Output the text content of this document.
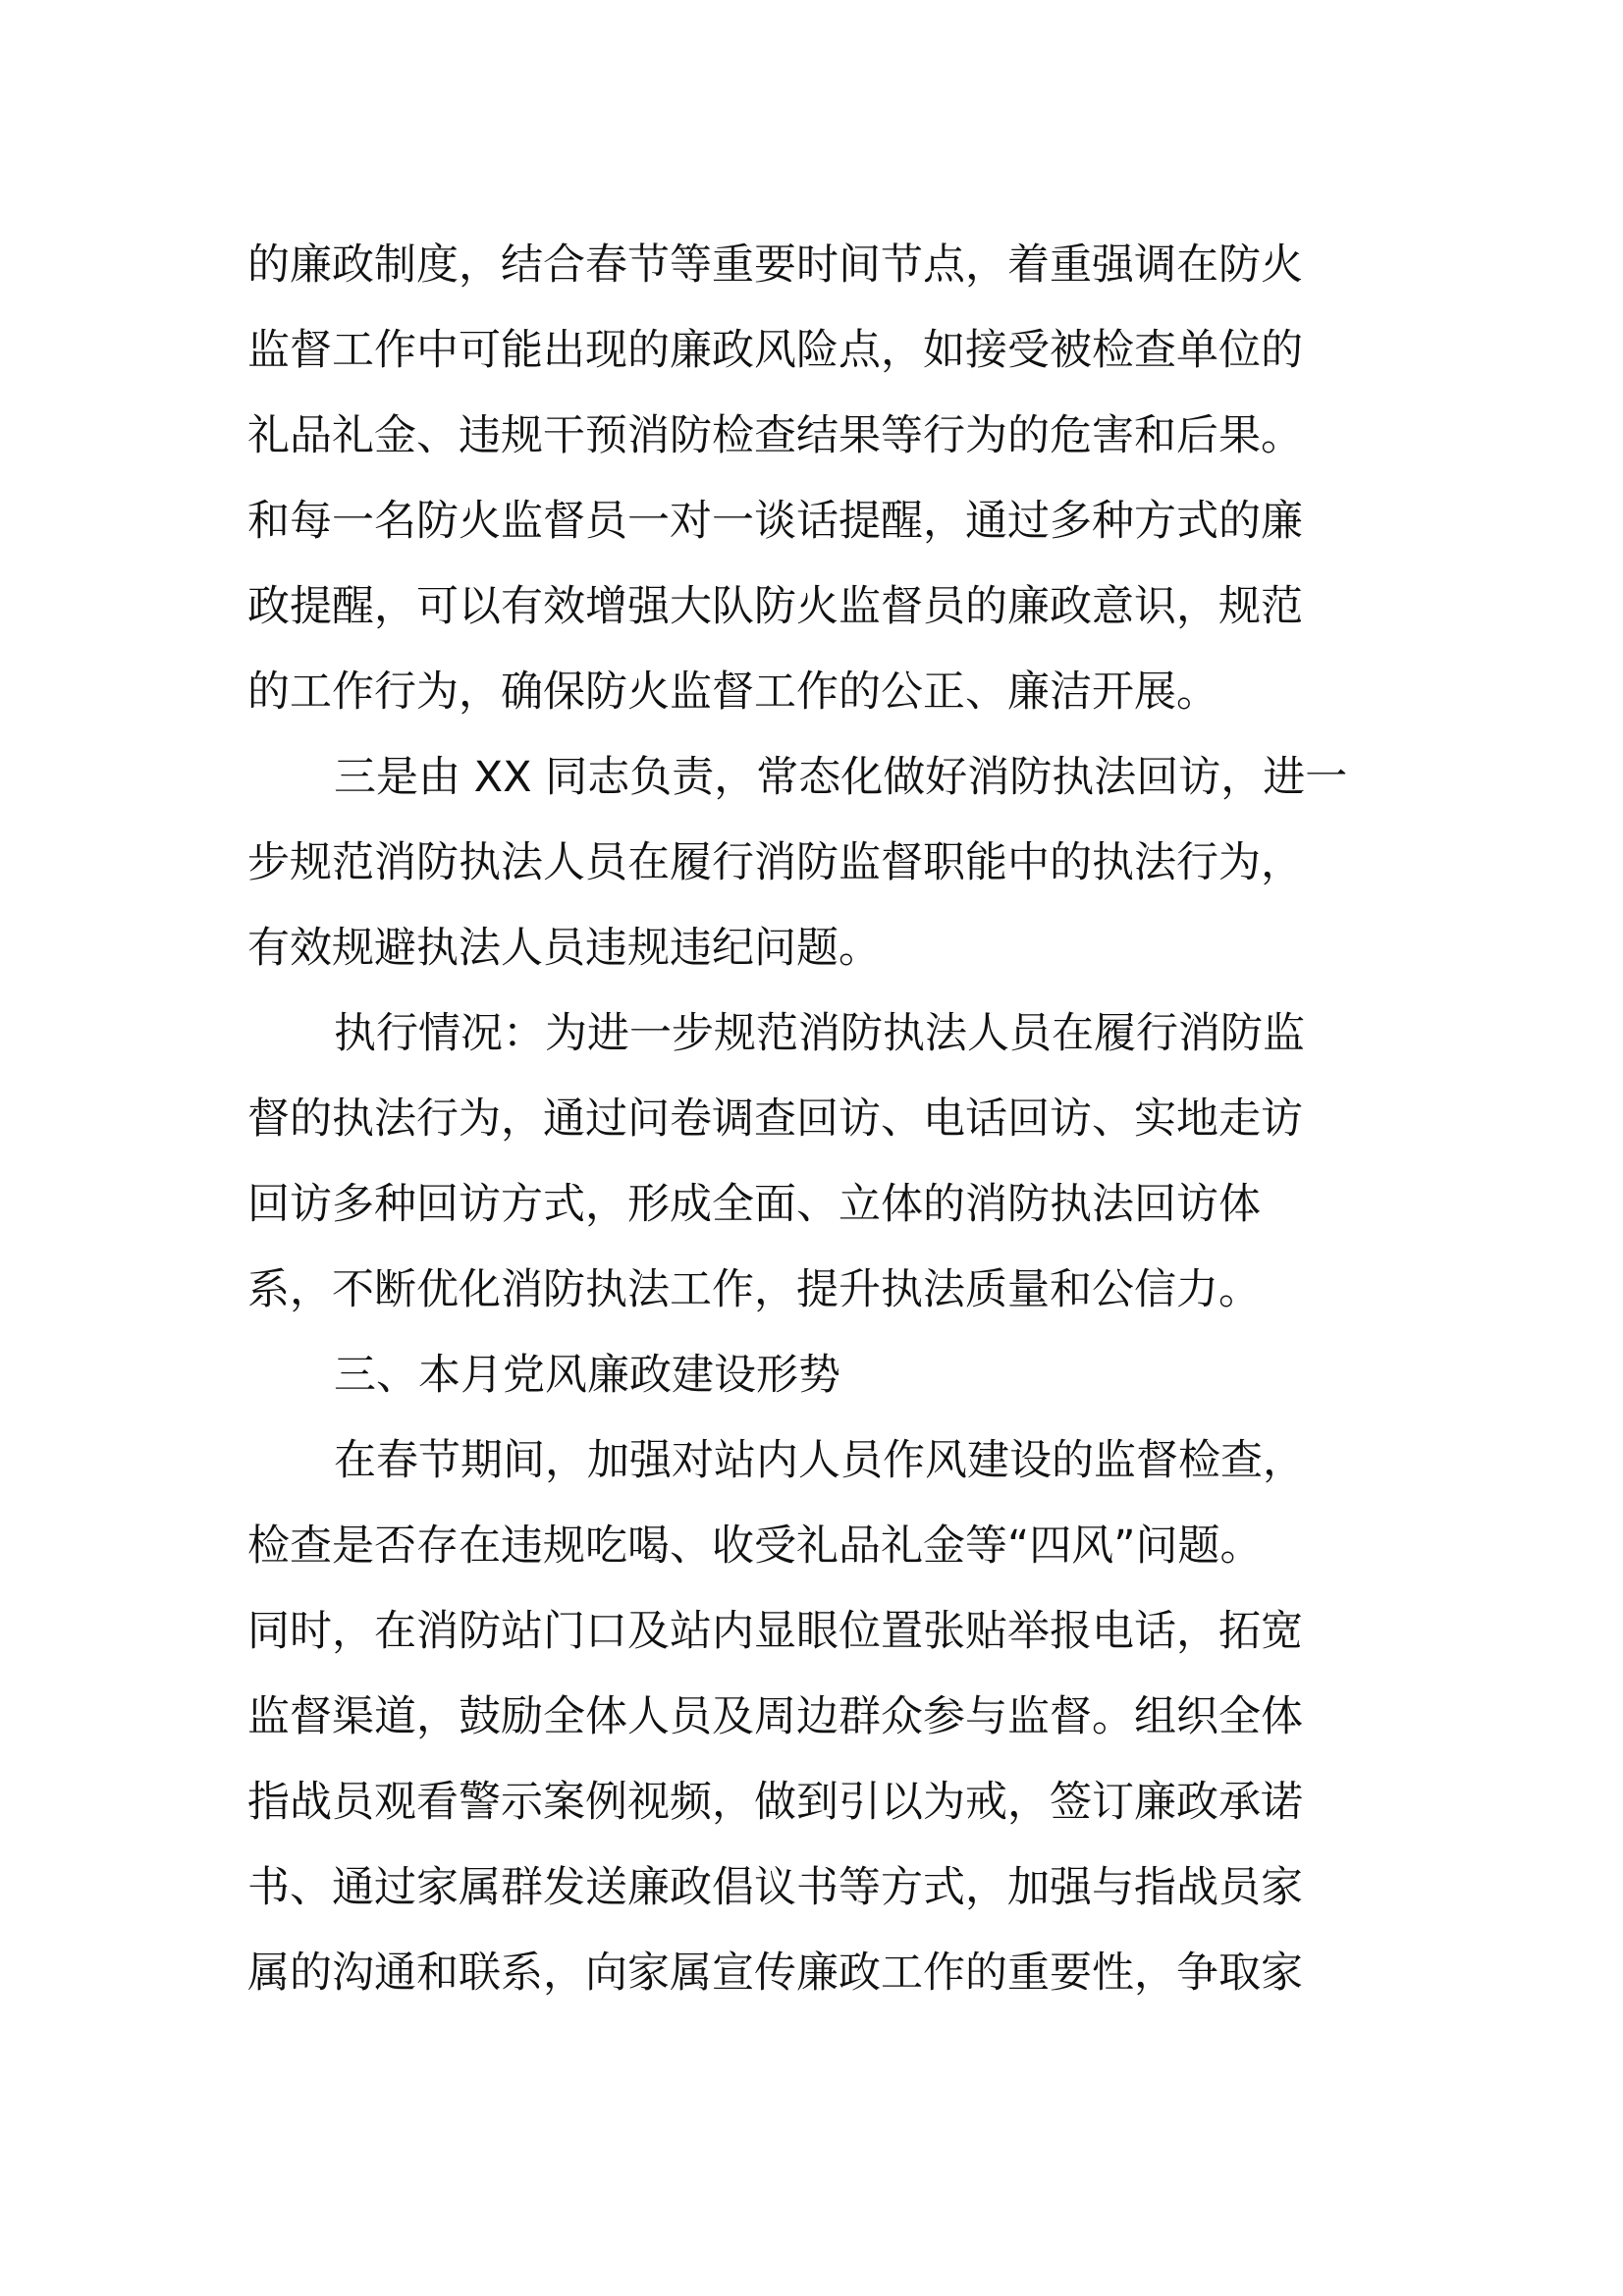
的廉政制度，结合春节等重要时间节点，着重强调在防火
监督工作中可能出现的廉政风险点，如接受被检查单位的
礼品礼金、违规干预消防检查结果等行为的危害和后果。
和每一名防火监督员一对一谈话提醒，通过多种方式的廉
政提醒，可以有效增强大队防火监督员的廉政意识，规范
的工作行为，确保防火监督工作的公正、廉洁开展。
三是由 XX 同志负责，常态化做好消防执法回访，进一
步规范消防执法人员在履行消防监督职能中的执法行为，
有效规避执法人员违规违纪问题。
执行情况：为进一步规范消防执法人员在履行消防监
督的执法行为，通过问卷调查回访、电话回访、实地走访
回访多种回访方式，形成全面、立体的消防执法回访体
系，不断优化消防执法工作，提升执法质量和公信力。
三、本月党风廉政建设形势
在春节期间，加强对站内人员作风建设的监督检查，
检查是否存在违规吃喝、收受礼品礼金等“四风”问题。
同时，在消防站门口及站内显眼位置张贴举报电话，拓宽
监督渠道，鼓励全体人员及周边群众参与监督。组织全体
指战员观看警示案例视频，做到引以为戒，签订廉政承诺
书、通过家属群发送廉政倡议书等方式，加强与指战员家
属的沟通和联系，向家属宣传廉政工作的重要性，争取家
